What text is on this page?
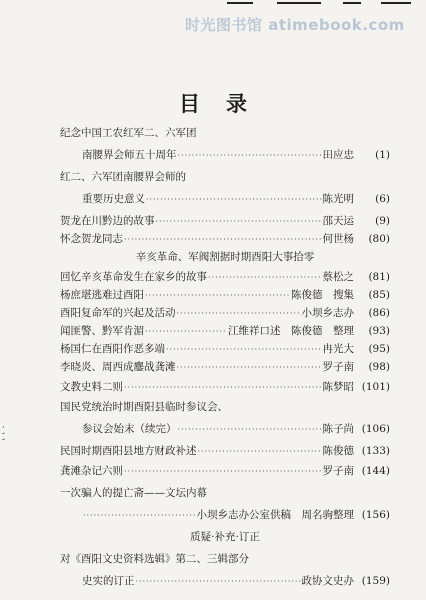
时光图书馆 atimebook.com
目录
纪念中国工农红军二、六军团
南腰界会师五十周年 ·····	田应忠	(1)
红二、六军团南腰界会师的
重要历史意义 ·····	陈光明	(6)
贺龙在川黔边的故事 ·····	邵天运	(9)
怀念贺龙同志 ·····	何世杨	(80)
辛亥革命、军阀割据时期酉阳大事拾零
回忆辛亥革命发生在家乡的故事 ·····	蔡松之	(81)
杨庶堪逃难过酉阳 ·····	陈俊德　搜集	(85)
酉阳复命军的兴起及活动 ·····	小坝乡志办	(86)
闻匪警、黔军肯湄 ·····	江维祥口述　陈俊德　整理	(93)
杨国仁在酉阳作恶多端 ·····	冉光大	(95)
李晓炎、周西成鏖战龚滩 ·····	罗子南	(98)
文教史料二则 ·····	陈梦昭 (101)
国民党统治时期酉阳县临时参议会、
参议会始末（续完） ·····	陈子尚 (106)
民国时期酉阳县地方财政补述 ·····	陈俊德 (133)
龚滩杂记六则 ·····	罗子南 (144)
一次骗人的提亡斋——文坛内幕
·····
小坝乡志办公室供稿　周名驹整理 (156)
质疑·补充·订正
对《酉阳文史资料选辑》第二、三辑部分
史实的订正 ·····	政协文史办 (159)
·
-
-
